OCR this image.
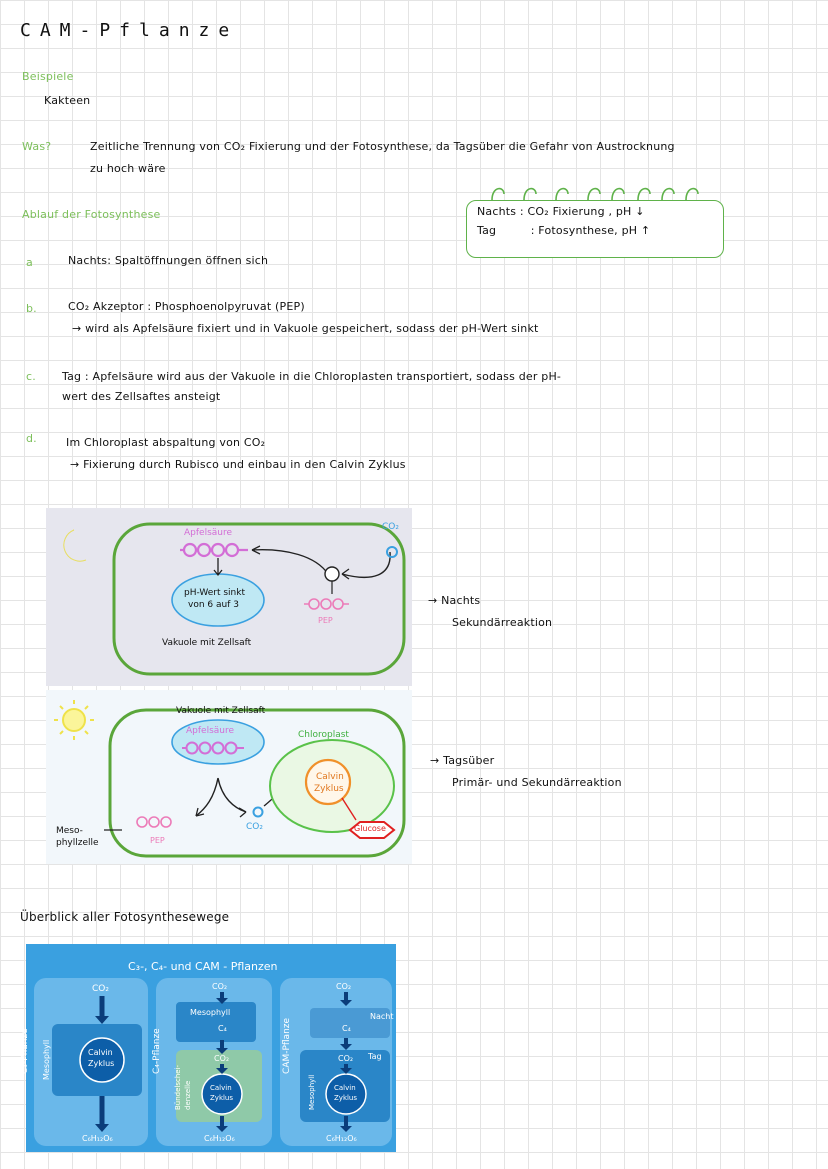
CAM-Pflanze
Beispiele
Kakteen
Was?	Zeitliche Trennung von CO₂ Fixierung und der Fotosynthese, da Tagsüber die Gefahr von Austrocknung
zu hoch wäre
Ablauf der Fotosynthese	Nachts : CO₂ Fixierung , pH ↓
Tag	: Fotosynthese, pH ↑
a	Nachts: Spaltöffnungen öffnen sich
b.	CO₂ Akzeptor : Phosphoenolpyruvat (PEP)
→ wird als Apfelsäure fixiert und in Vakuole gespeichert, sodass der pH-Wert sinkt
c. Tag : Apfelsäure wird aus der Vakuole in die Chloroplasten transportiert, sodass der pH-
wert des Zellsaftes ansteigt
d.	Im Chloroplast abspaltung von CO₂
→ Fixierung durch Rubisco und einbau in den Calvin Zyklus
Apfelsäure
pH-Wert sinkt
von 6 auf 3
Vakuole mit Zellsaft
PEP
CO₂
→ Nachts
Sekundärreaktion
Vakuole mit Zellsaft
Apfelsäure	Chloroplast
Calvin
Zyklus
Glucose
PEP
CO₂
Meso-
phyllzelle
→ Tagsüber
Primär- und Sekundärreaktion
Überblick aller Fotosynthesewege
C₃-, C₄- und CAM - Pflanzen
C₃-Pflanze Mesophyll
CO₂
Calvin
Zyklus
C₆H₁₂O₆
C₄-Pflanze
CO₂
Mesophyll
C₄
CO₂
Bündelschei- denzelle	Calvin
Zyklus
C₆H₁₂O₆
CAM-Pflanze
Mesophyll
CO₂
Nacht
C₄
CO₂ Tag
Calvin
Zyklus
C₆H₁₂O₆
